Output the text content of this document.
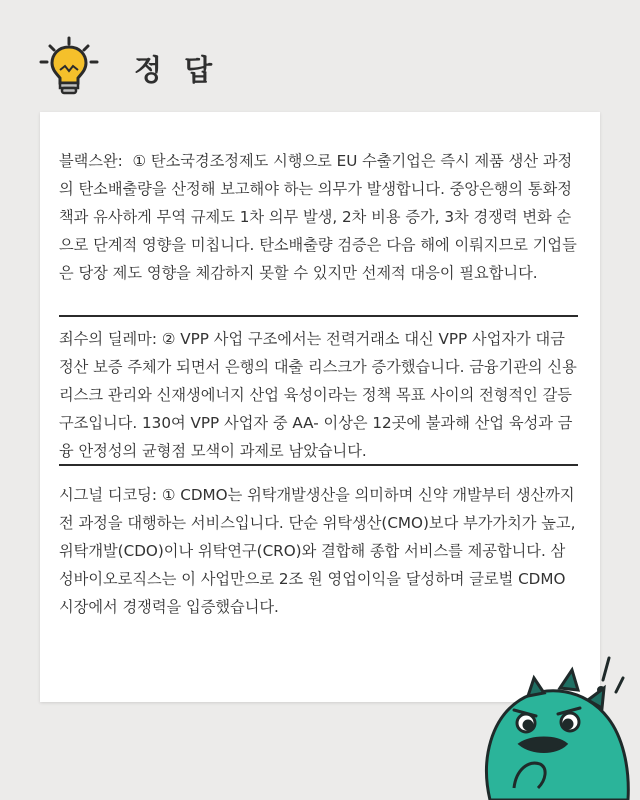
정 답

블랙스완: ① 탄소국경조정제도 시행으로 EU 수출기업은 즉시 제품 생산 과정의 탄소배출량을 산정해 보고해야 하는 의무가 발생합니다. 중앙은행의 통화정책과 유사하게 무역 규제도 1차 의무 발생, 2차 비용 증가, 3차 경쟁력 변화 순으로 단계적 영향을 미칩니다. 탄소배출량 검증은 다음 해에 이뤄지므로 기업들은 당장 제도 영향을 체감하지 못할 수 있지만 선제적 대응이 필요합니다.

죄수의 딜레마: ② VPP 사업 구조에서는 전력거래소 대신 VPP 사업자가 대금 정산 보증 주체가 되면서 은행의 대출 리스크가 증가했습니다. 금융기관의 신용 리스크 관리와 신재생에너지 산업 육성이라는 정책 목표 사이의 전형적인 갈등 구조입니다. 130여 VPP 사업자 중 AA- 이상은 12곳에 불과해 산업 육성과 금융 안정성의 균형점 모색이 과제로 남았습니다.

시그널 디코딩: ① CDMO는 위탁개발생산을 의미하며 신약 개발부터 생산까지 전 과정을 대행하는 서비스입니다. 단순 위탁생산(CMO)보다 부가가치가 높고, 위탁개발(CDO)이나 위탁연구(CRO)와 결합해 종합 서비스를 제공합니다. 삼성바이오로직스는 이 사업만으로 2조 원 영업이익을 달성하며 글로벌 CDMO 시장에서 경쟁력을 입증했습니다.
